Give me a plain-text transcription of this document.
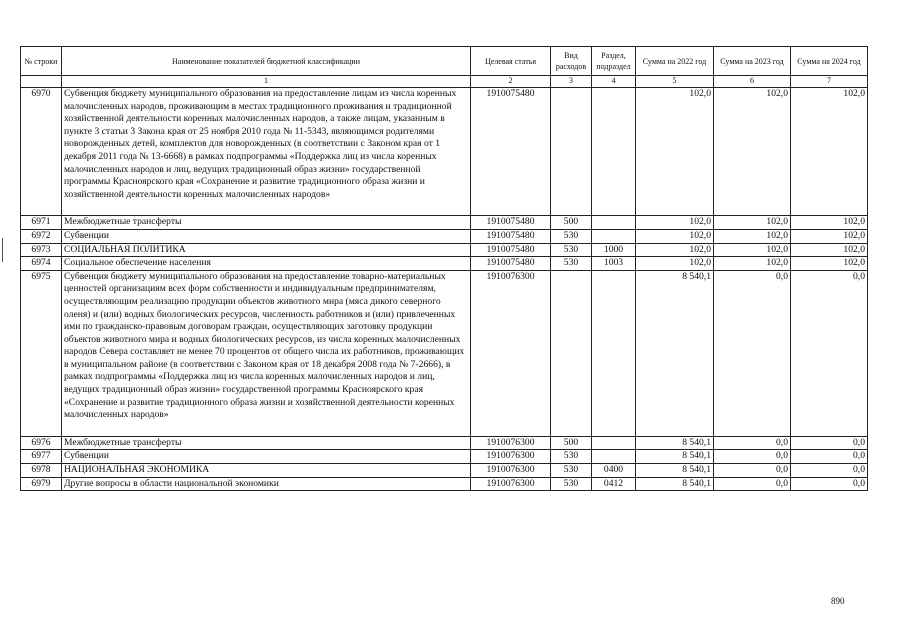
№ строки	Наименование показателей бюджетной классификации	Целевая статья	Вид расходов	Раздел, подраздел	Сумма на 2022 год	Сумма на 2023 год	Сумма на 2024 год
	1	2	3	4	5	6	7
6970	Субвенция бюджету муниципального образования на предоставление лицам из числа коренных малочисленных народов, проживающим в местах традиционного проживания и традиционной хозяйственной деятельности коренных малочисленных народов, а также лицам, указанным в пункте 3 статьи 3 Закона края от 25 ноября 2010 года № 11-5343, являющимся родителями новорожденных детей, комплектов для новорожденных (в соответствии с Законом края от 1 декабря 2011 года № 13-6668) в рамках подпрограммы «Поддержка лиц из числа коренных малочисленных народов и лиц, ведущих традиционный образ жизни» государственной программы Красноярского края «Сохранение и развитие традиционного образа жизни и хозяйственной деятельности коренных малочисленных народов»	1910075480			102,0	102,0	102,0
6971	Межбюджетные трансферты	1910075480	500		102,0	102,0	102,0
6972	Субвенции	1910075480	530		102,0	102,0	102,0
6973	СОЦИАЛЬНАЯ ПОЛИТИКА	1910075480	530	1000	102,0	102,0	102,0
6974	Социальное обеспечение населения	1910075480	530	1003	102,0	102,0	102,0
6975	Субвенция бюджету муниципального образования на предоставление товарно-материальных ценностей организациям всех форм собственности и индивидуальным предпринимателям, осуществляющим реализацию продукции объектов животного мира (мяса дикого северного оленя) и (или) водных биологических ресурсов, численность работников и (или) привлеченных ими по гражданско-правовым договорам граждан, осуществляющих заготовку продукции объектов животного мира и водных биологических ресурсов, из числа коренных малочисленных народов Севера составляет не менее 70 процентов от общего числа их работников, проживающих в муниципальном районе (в соответствии с Законом края от 18 декабря 2008 года № 7-2666), в рамках подпрограммы «Поддержка лиц из числа коренных малочисленных народов и лиц, ведущих традиционный образ жизни» государственной программы Красноярского края «Сохранение и развитие традиционного образа жизни и хозяйственной деятельности коренных малочисленных народов»	1910076300			8 540,1	0,0	0,0
6976	Межбюджетные трансферты	1910076300	500		8 540,1	0,0	0,0
6977	Субвенции	1910076300	530		8 540,1	0,0	0,0
6978	НАЦИОНАЛЬНАЯ ЭКОНОМИКА	1910076300	530	0400	8 540,1	0,0	0,0
6979	Другие вопросы в области национальной экономики	1910076300	530	0412	8 540,1	0,0	0,0
890
